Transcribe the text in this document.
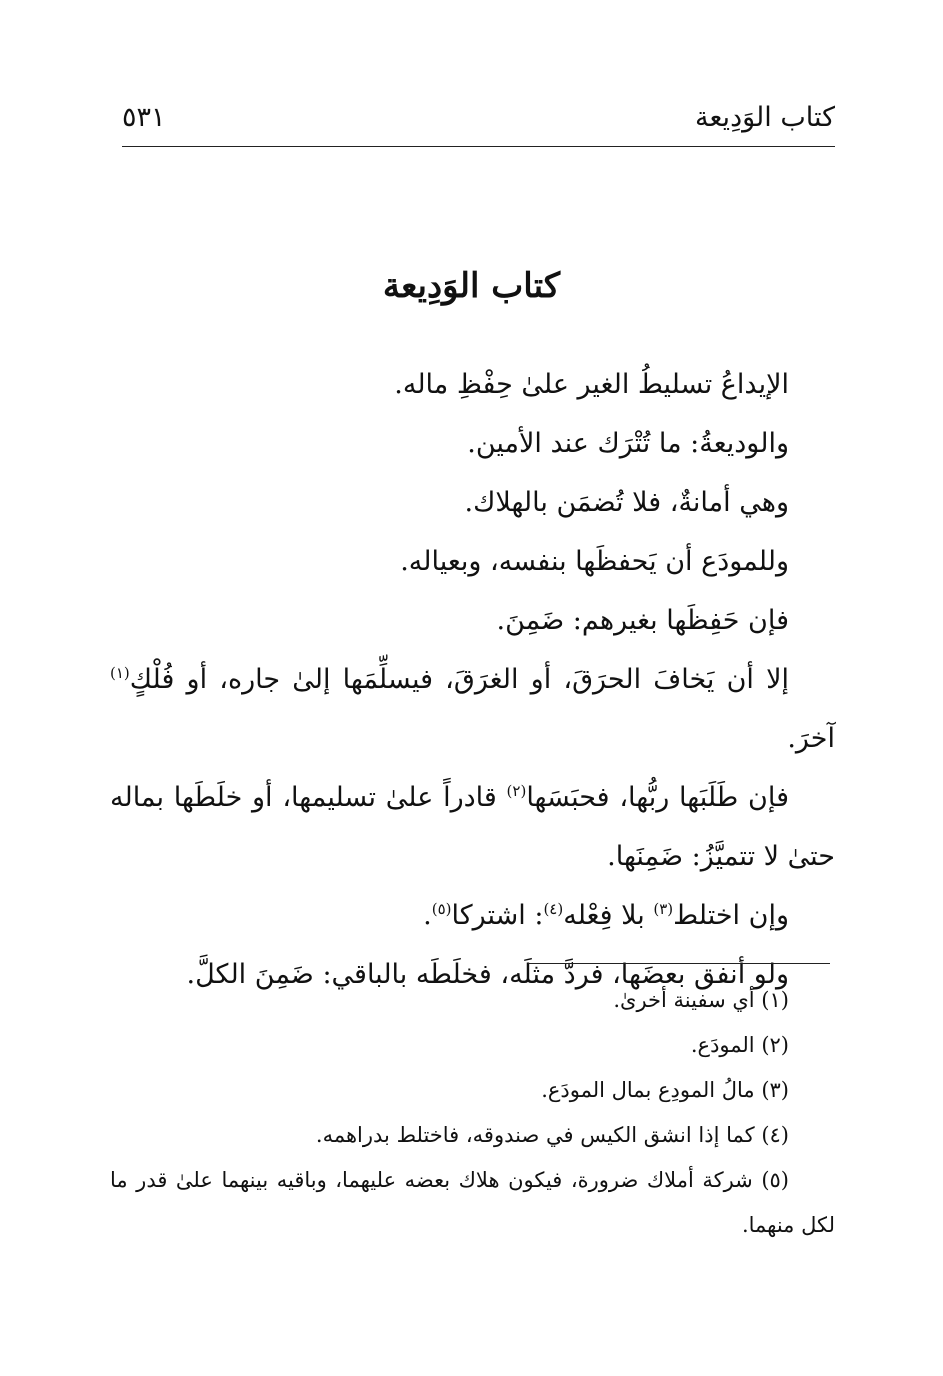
كتاب الوَدِيعة
٥٣١
كتاب الوَدِيعة

الإيداعُ تسليطُ الغير علىٰ حِفْظِ ماله.

والوديعةُ: ما تُتْرَك عند الأمين.

وهي أمانةٌ، فلا تُضمَن بالهلاك.

وللمودَع أن يَحفظَها بنفسه، وبعياله.

فإن حَفِظَها بغيرهم: ضَمِنَ.

إلا أن يَخافَ الحرَقَ، أو الغرَقَ، فيسلِّمَها إلىٰ جاره، أو فُلْكٍ$^{(١)}$ آخرَ.

فإن طَلَبَها ربُّها، فحبَسَها$^{(٢)}$ قادراً علىٰ تسليمها، أو خلَطَها بماله حتىٰ لا تتميَّزُ: ضَمِنَها.

وإن اختلط$^{(٣)}$ بلا فِعْله$^{(٤)}$: اشتركا$^{(٥)}$.

ولو أنفق بعضَها، فردَّ مثلَه، فخلَطَه بالباقي: ضَمِنَ الكلَّ.

(١) أي سفينة أخرىٰ.

(٢) المودَع.

(٣) مالُ المودِع بمال المودَع.

(٤) كما إذا انشق الكيس في صندوقه، فاختلط بدراهمه.

(٥) شركة أملاك ضرورة، فيكون هلاك بعضه عليهما، وباقيه بينهما علىٰ قدر ما لكل منهما.
